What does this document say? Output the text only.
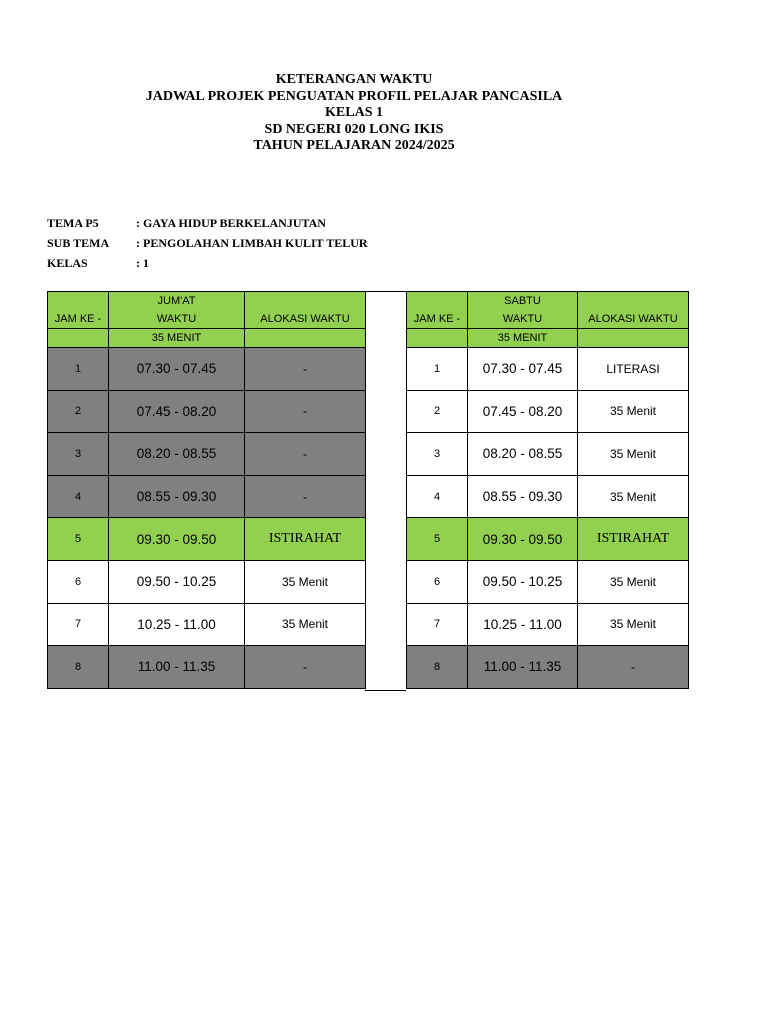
KETERANGAN WAKTU
JADWAL PROJEK PENGUATAN PROFIL PELAJAR PANCASILA
KELAS 1
SD NEGERI 020 LONG IKIS
TAHUN PELAJARAN 2024/2025
TEMA P5	: GAYA HIDUP BERKELANJUTAN
SUB TEMA	: PENGOLAHAN LIMBAH KULIT TELUR
KELAS	: 1
	JUM'AT	
JAM KE -	WAKTU	ALOKASI WAKTU
	35 MENIT	
1	07.30 - 07.45	-
2	07.45 - 08.20	-
3	08.20 - 08.55	-
4	08.55 - 09.30	-
5	09.30 - 09.50	ISTIRAHAT
6	09.50 - 10.25	35 Menit
7	10.25 - 11.00	35 Menit
8	11.00 - 11.35	-
	SABTU	
JAM KE -	WAKTU	ALOKASI WAKTU
	35 MENIT	
1	07.30 - 07.45	LITERASI
2	07.45 - 08.20	35 Menit
3	08.20 - 08.55	35 Menit
4	08.55 - 09.30	35 Menit
5	09.30 - 09.50	ISTIRAHAT
6	09.50 - 10.25	35 Menit
7	10.25 - 11.00	35 Menit
8	11.00 - 11.35	-
